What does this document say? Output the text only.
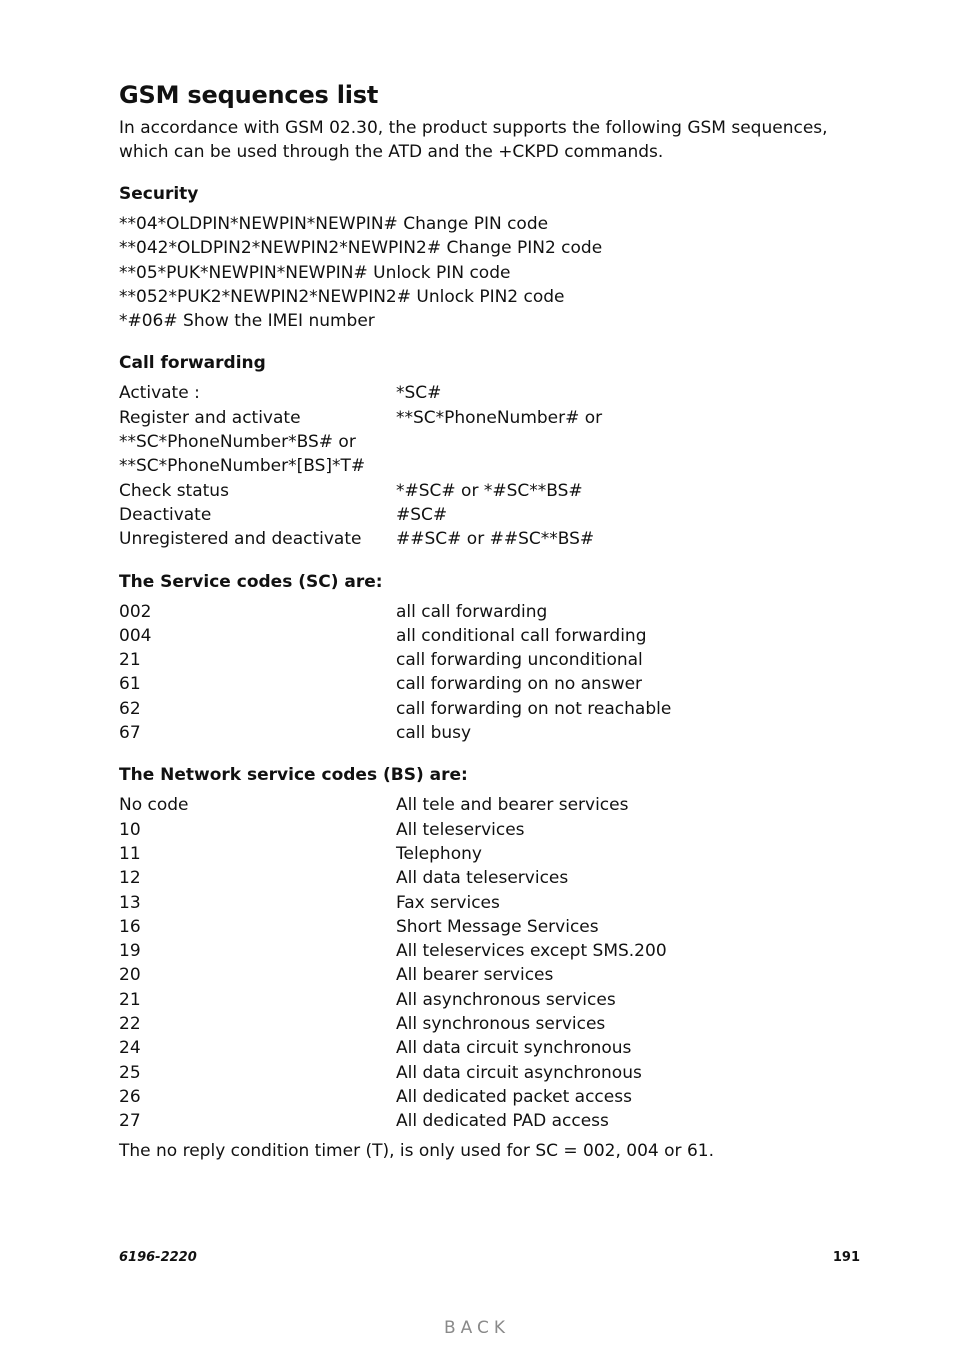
GSM sequences list

In accordance with GSM 02.30, the product supports the following GSM sequences, which can be used through the ATD and the +CKPD commands.

Security
**04*OLDPIN*NEWPIN*NEWPIN# Change PIN code
**042*OLDPIN2*NEWPIN2*NEWPIN2# Change PIN2 code
**05*PUK*NEWPIN*NEWPIN# Unlock PIN code
**052*PUK2*NEWPIN2*NEWPIN2# Unlock PIN2 code
*#06# Show the IMEI number
Call forwarding
Activate :	*SC#
Register and activate	**SC*PhoneNumber# or
**SC*PhoneNumber*BS# or
**SC*PhoneNumber*[BS]*T#
Check status	*#SC# or *#SC**BS#
Deactivate	#SC#
Unregistered and deactivate	##SC# or ##SC**BS#
The Service codes (SC) are:
002	all call forwarding
004	all conditional call forwarding
21	call forwarding unconditional
61	call forwarding on no answer
62	call forwarding on not reachable
67	call busy
The Network service codes (BS) are:
No code	All tele and bearer services
10	All teleservices
11	Telephony
12	All data teleservices
13	Fax services
16	Short Message Services
19	All teleservices except SMS.200
20	All bearer services
21	All asynchronous services
22	All synchronous services
24	All data circuit synchronous
25	All data circuit asynchronous
26	All dedicated packet access
27	All dedicated PAD access
The no reply condition timer (T), is only used for SC = 002, 004 or 61.
6196-2220	191
BACK
